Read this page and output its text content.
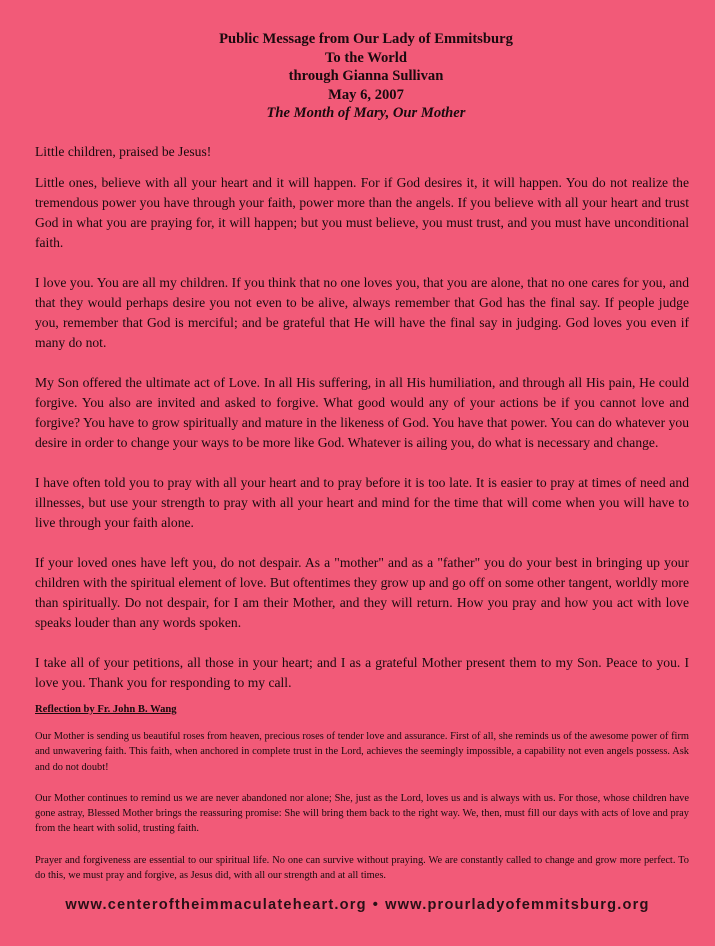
Public Message from Our Lady of Emmitsburg
To the World
through Gianna Sullivan
May 6, 2007
The Month of Mary, Our Mother

Little children, praised be Jesus!

Little ones, believe with all your heart and it will happen. For if God desires it, it will happen. You do not realize the tremendous power you have through your faith, power more than the angels. If you believe with all your heart and trust God in what you are praying for, it will happen; but you must believe, you must trust, and you must have unconditional faith.

I love you. You are all my children. If you think that no one loves you, that you are alone, that no one cares for you, and that they would perhaps desire you not even to be alive, always remember that God has the final say. If people judge you, remember that God is merciful; and be grateful that He will have the final say in judging. God loves you even if many do not.

My Son offered the ultimate act of Love. In all His suffering, in all His humiliation, and through all His pain, He could forgive. You also are invited and asked to forgive. What good would any of your actions be if you cannot love and forgive? You have to grow spiritually and mature in the likeness of God. You have that power. You can do whatever you desire in order to change your ways to be more like God. Whatever is ailing you, do what is necessary and change.

I have often told you to pray with all your heart and to pray before it is too late. It is easier to pray at times of need and illnesses, but use your strength to pray with all your heart and mind for the time that will come when you will have to live through your faith alone.

If your loved ones have left you, do not despair. As a "mother" and as a "father" you do your best in bringing up your children with the spiritual element of love. But oftentimes they grow up and go off on some other tangent, worldly more than spiritually. Do not despair, for I am their Mother, and they will return. How you pray and how you act with love speaks louder than any words spoken.

I take all of your petitions, all those in your heart; and I as a grateful Mother present them to my Son. Peace to you. I love you. Thank you for responding to my call.

Reflection by Fr. John B. Wang

Our Mother is sending us beautiful roses from heaven, precious roses of tender love and assurance. First of all, she reminds us of the awesome power of firm and unwavering faith. This faith, when anchored in complete trust in the Lord, achieves the seemingly impossible, a capability not even angels possess. Ask and do not doubt!

Our Mother continues to remind us we are never abandoned nor alone; She, just as the Lord, loves us and is always with us. For those, whose children have gone astray, Blessed Mother brings the reassuring promise: She will bring them back to the right way. We, then, must fill our days with acts of love and pray from the heart with solid, trusting faith.

Prayer and forgiveness are essential to our spiritual life. No one can survive without praying. We are constantly called to change and grow more perfect. To do this, we must pray and forgive, as Jesus did, with all our strength and at all times.

www.centeroftheimmaculateheart.org • www.prourladyofemmitsburg.org
